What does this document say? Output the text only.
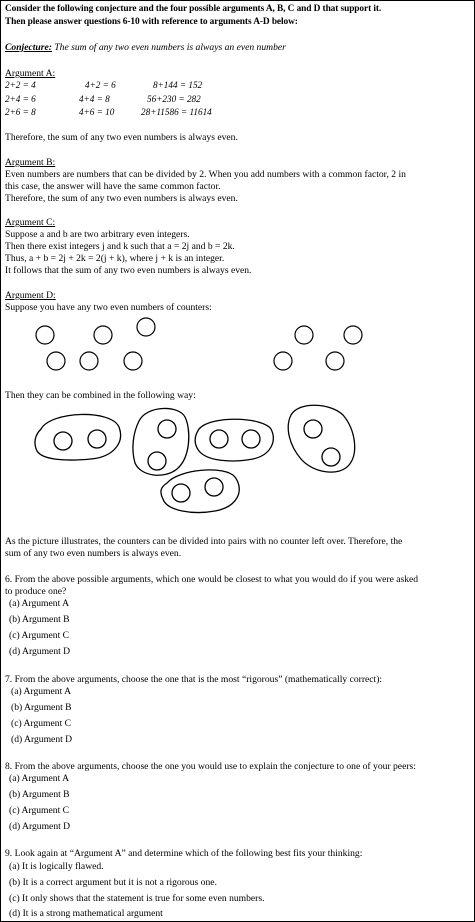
Consider the following conjecture and the four possible arguments A, B, C and D that support it.
Then please answer questions 6-10 with reference to arguments A-D below:
Conjecture: The sum of any two even numbers is always an even number
Argument A:
2+2 = 4	4+2 = 6	8+144 = 152
2+4 = 6	4+4 = 8	56+230 = 282
2+6 = 8	4+6 = 10	28+11586 = 11614
Therefore, the sum of any two even numbers is always even.
Argument B:
Even numbers are numbers that can be divided by 2. When you add numbers with a common factor, 2 in
this case, the answer will have the same common factor.
Therefore, the sum of any two even numbers is always even.
Argument C:
Suppose a and b are two arbitrary even integers.
Then there exist integers j and k such that a = 2j and b = 2k.
Thus, a + b = 2j + 2k = 2(j + k), where j + k is an integer.
It follows that the sum of any two even numbers is always even.
Argument D:
Suppose you have any two even numbers of counters:
Then they can be combined in the following way:
As the picture illustrates, the counters can be divided into pairs with no counter left over. Therefore, the
sum of any two even numbers is always even.
6. From the above possible arguments, which one would be closest to what you would do if you were asked
to produce one?
(a) Argument A
(b) Argument B
(c) Argument C
(d) Argument D
7. From the above arguments, choose the one that is the most “rigorous” (mathematically correct):
(a) Argument A
(b) Argument B
(c) Argument C
(d) Argument D
8. From the above arguments, choose the one you would use to explain the conjecture to one of your peers:
(a) Argument A
(b) Argument B
(c) Argument C
(d) Argument D
9. Look again at “Argument A” and determine which of the following best fits your thinking:
(a) It is logically flawed.
(b) It is a correct argument but it is not a rigorous one.
(c) It only shows that the statement is true for some even numbers.
(d) It is a strong mathematical argument
